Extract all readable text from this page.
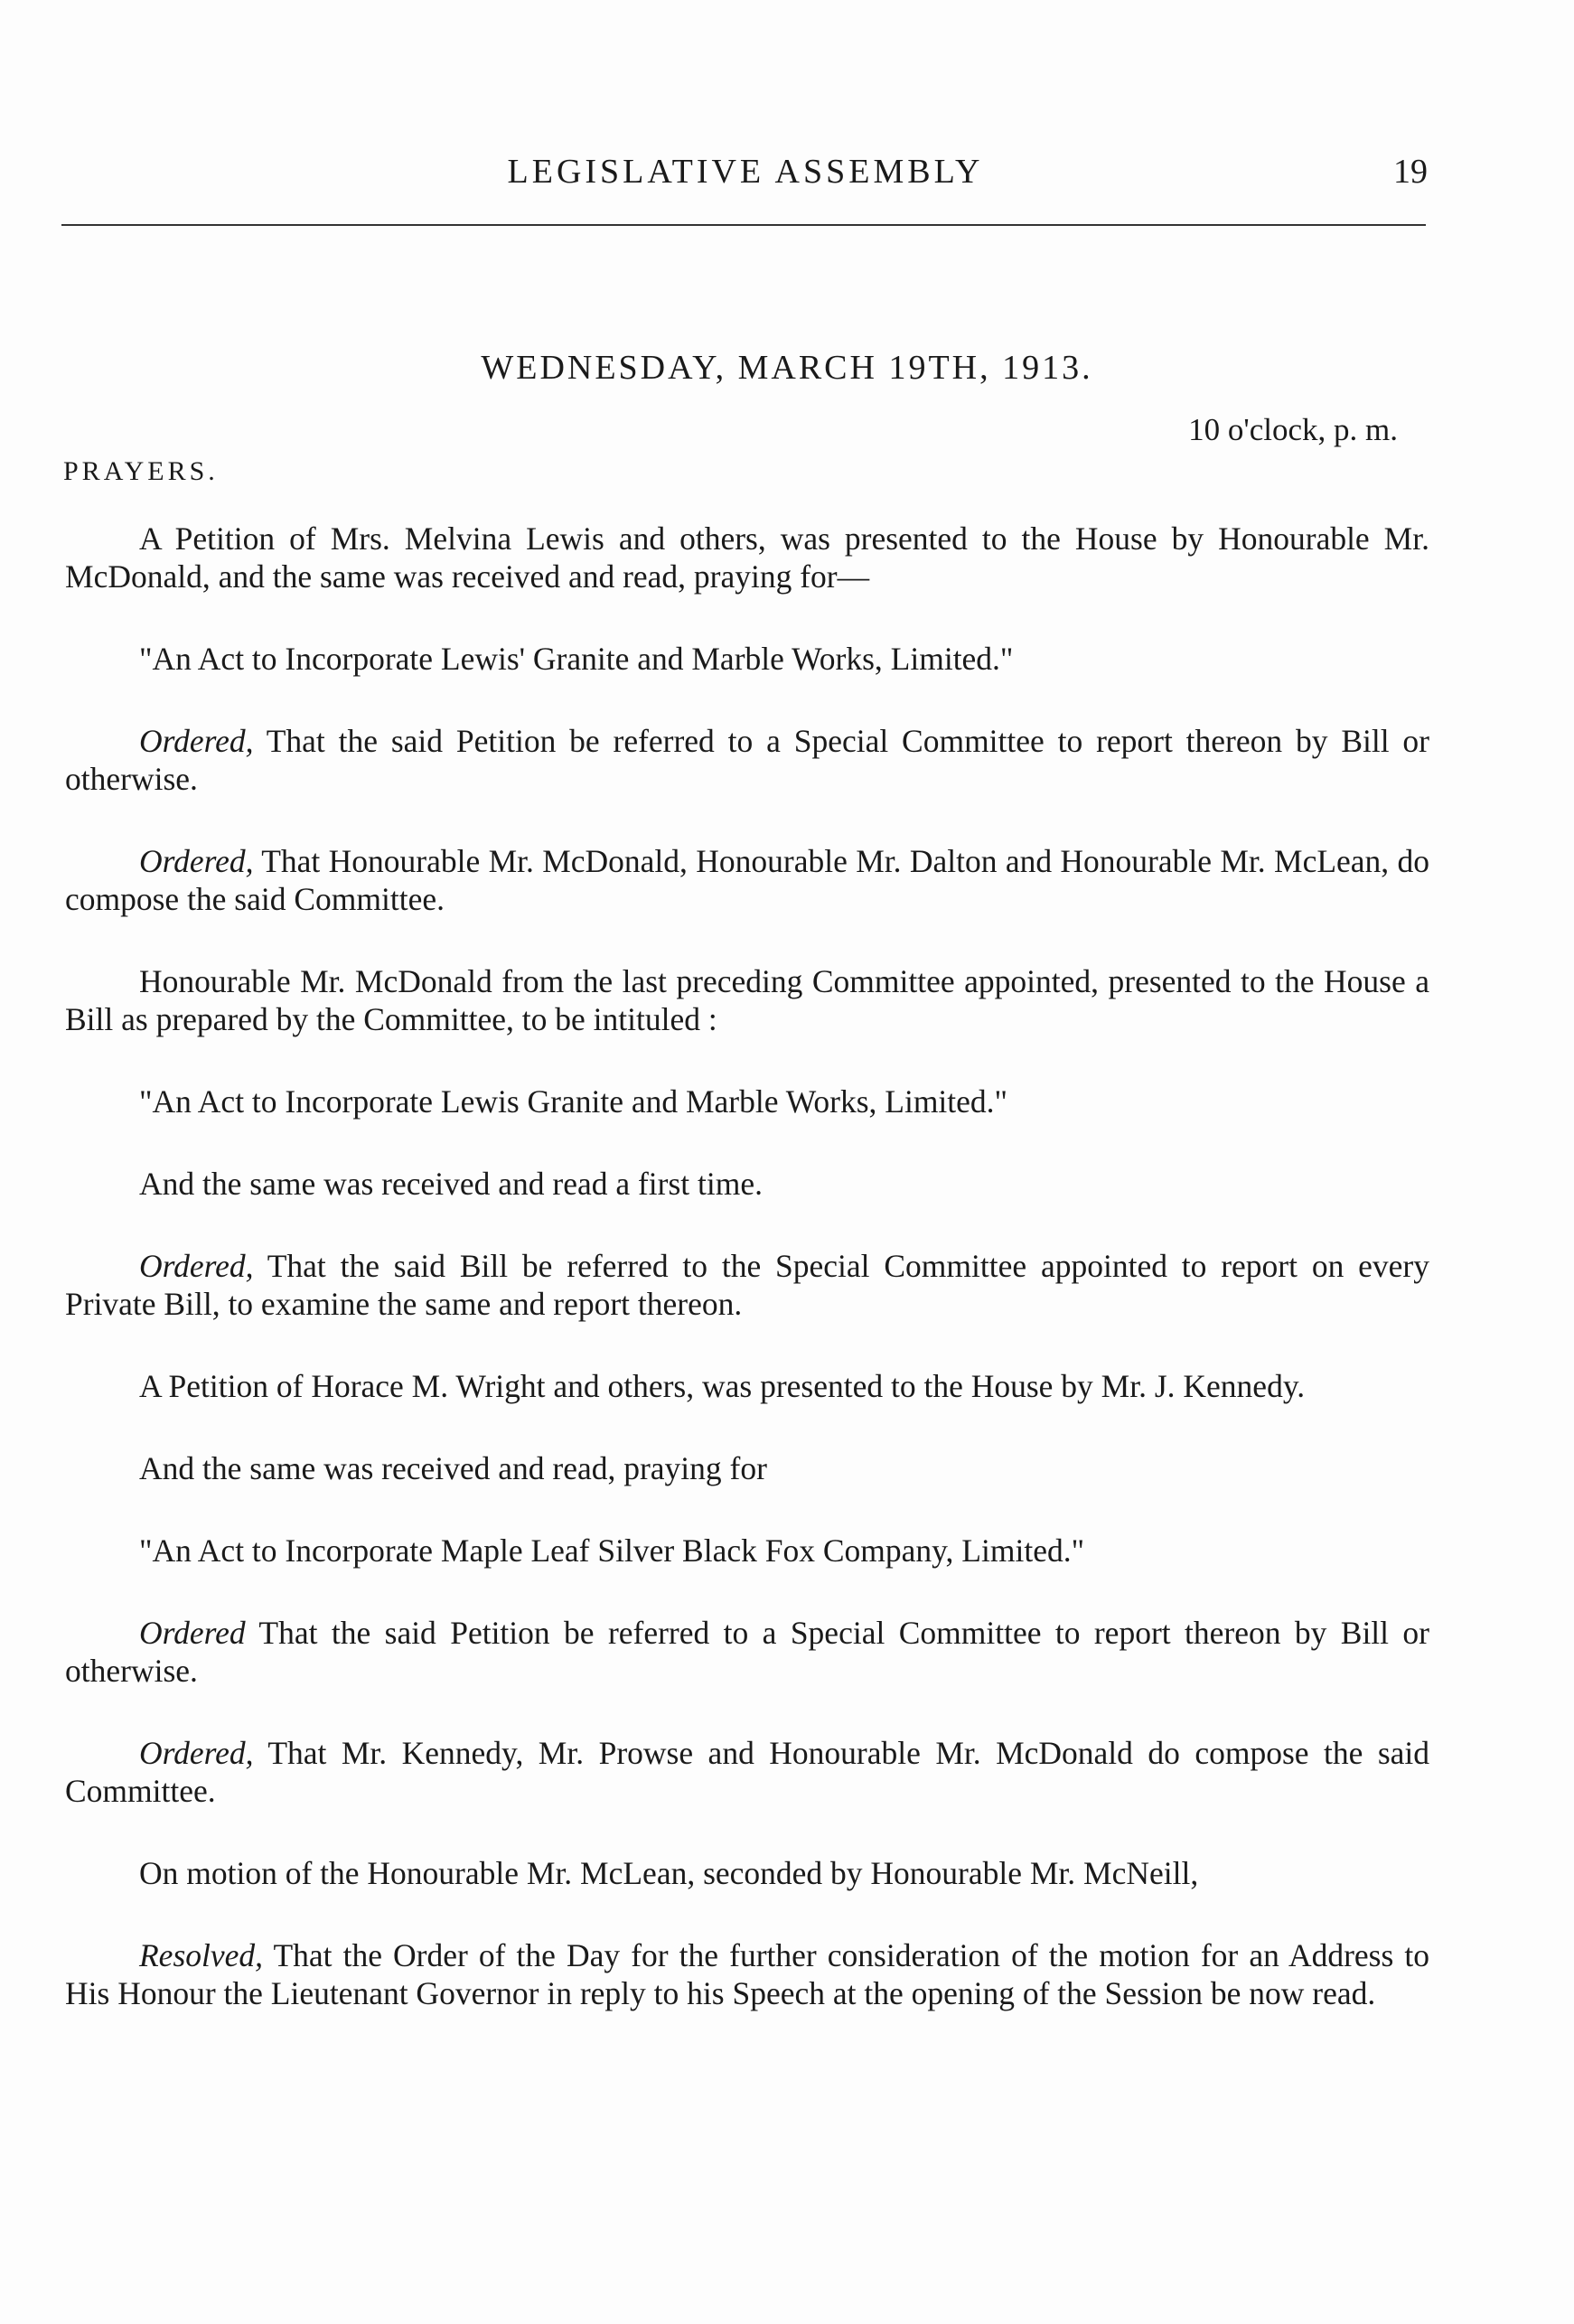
LEGISLATIVE ASSEMBLY	19
WEDNESDAY, MARCH 19TH, 1913.
10 o'clock, p. m.
PRAYERS.

A Petition of Mrs. Melvina Lewis and others, was presented to the House by Honourable Mr. McDonald, and the same was received and read, praying for—

"An Act to Incorporate Lewis' Granite and Marble Works, Limited."

Ordered, That the said Petition be referred to a Special Committee to report thereon by Bill or otherwise.

Ordered, That Honourable Mr. McDonald, Honourable Mr. Dalton and Honourable Mr. McLean, do compose the said Committee.

Honourable Mr. McDonald from the last preceding Committee appointed, presented to the House a Bill as prepared by the Committee, to be intituled :

"An Act to Incorporate Lewis Granite and Marble Works, Limited."

And the same was received and read a first time.

Ordered, That the said Bill be referred to the Special Committee appointed to report on every Private Bill, to examine the same and report thereon.

A Petition of Horace M. Wright and others, was presented to the House by Mr. J. Kennedy.

And the same was received and read, praying for

"An Act to Incorporate Maple Leaf Silver Black Fox Company, Limited."

Ordered That the said Petition be referred to a Special Committee to report thereon by Bill or otherwise.

Ordered, That Mr. Kennedy, Mr. Prowse and Honourable Mr. McDonald do compose the said Committee.

On motion of the Honourable Mr. McLean, seconded by Honourable Mr. McNeill,

Resolved, That the Order of the Day for the further consideration of the motion for an Address to His Honour the Lieutenant Governor in reply to his Speech at the opening of the Session be now read.
